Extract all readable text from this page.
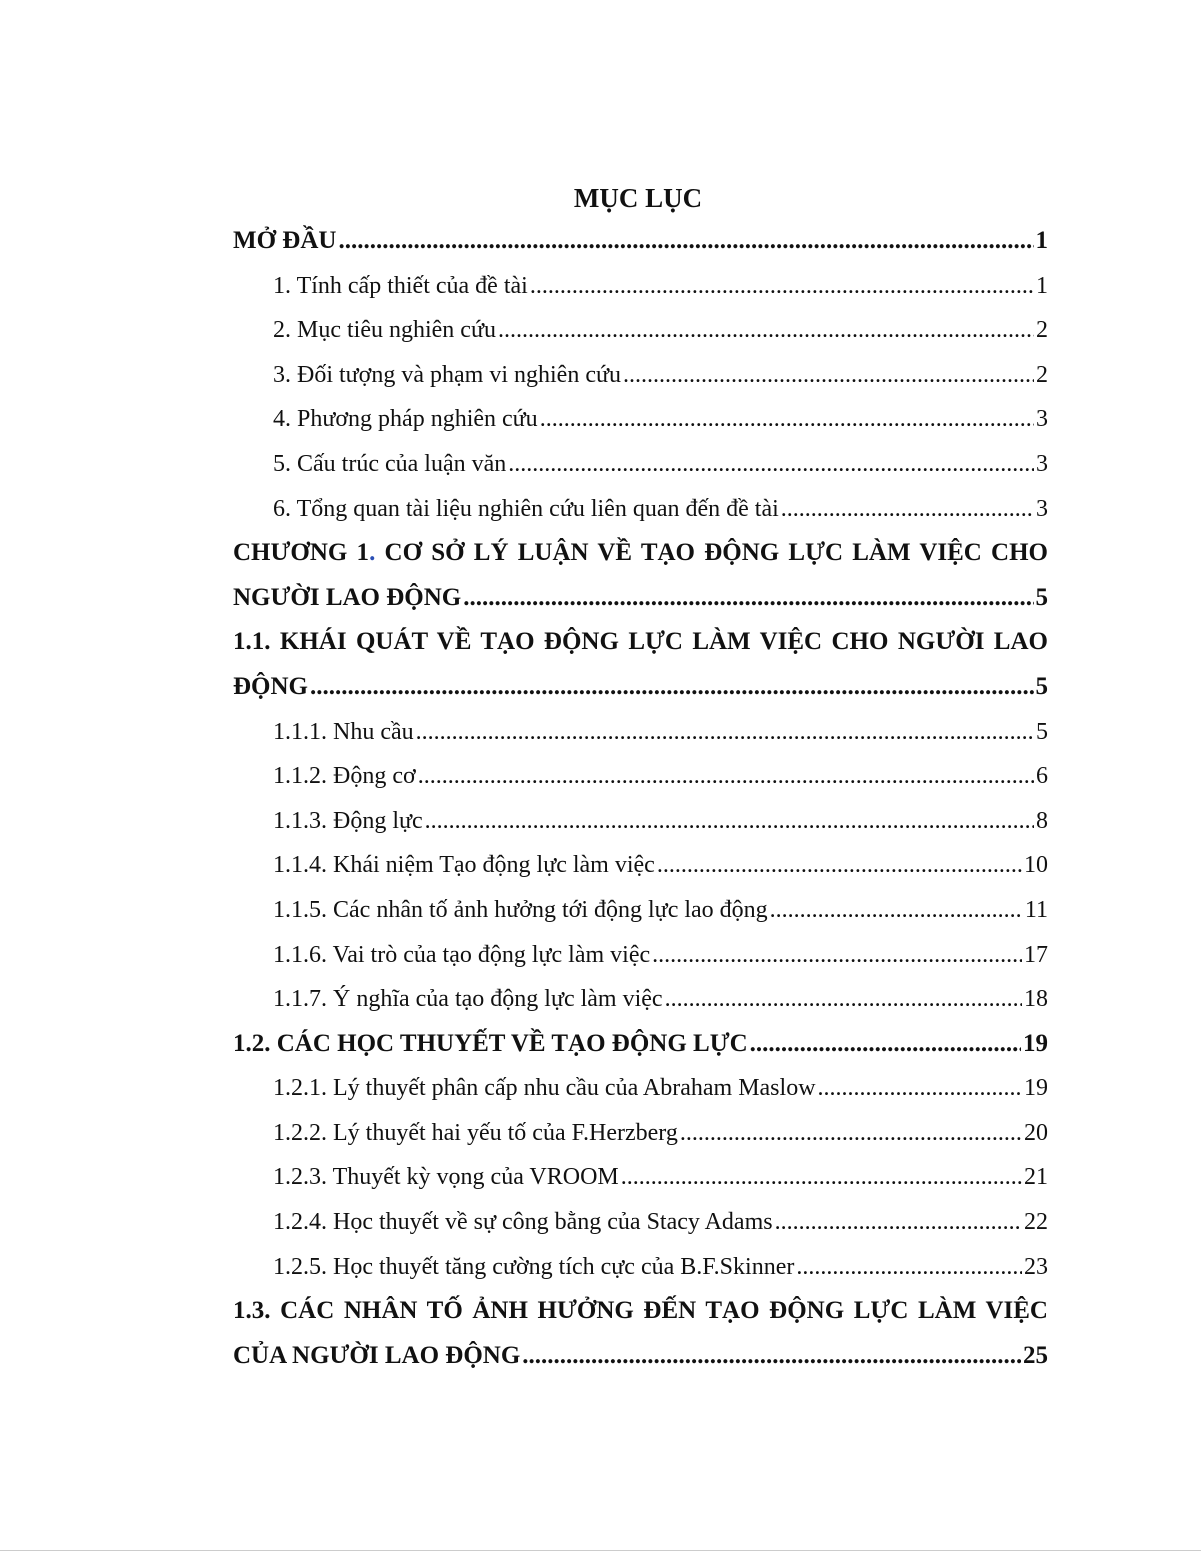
MỤC LỤC
MỞ ĐẦU .....	1
1. Tính cấp thiết của đề tài .....	1
2. Mục tiêu nghiên cứu .....	2
3. Đối tượng và phạm vi nghiên cứu .....	2
4. Phương pháp nghiên cứu .....	3
5. Cấu trúc của luận văn .....	3
6. Tổng quan tài liệu nghiên cứu liên quan đến đề tài .....	3
CHƯƠNG 1. CƠ SỞ LÝ LUẬN VỀ TẠO ĐỘNG LỰC LÀM VIỆC CHO
NGƯỜI LAO ĐỘNG .....	5
1.1. KHÁI QUÁT VỀ TẠO ĐỘNG LỰC LÀM VIỆC CHO NGƯỜI LAO
ĐỘNG .....	5
1.1.1. Nhu cầu .....	5
1.1.2. Động cơ .....	6
1.1.3. Động lực .....	8
1.1.4. Khái niệm Tạo động lực làm việc .....	10
1.1.5. Các nhân tố ảnh hưởng tới động lực lao động .....	11
1.1.6. Vai trò của tạo động lực làm việc .....	17
1.1.7. Ý nghĩa của tạo động lực làm việc .....	18
1.2. CÁC HỌC THUYẾT VỀ TẠO ĐỘNG LỰC .....	19
1.2.1. Lý thuyết phân cấp nhu cầu của Abraham Maslow .....	19
1.2.2. Lý thuyết hai yếu tố của F.Herzberg .....	20
1.2.3. Thuyết kỳ vọng của VROOM .....	21
1.2.4. Học thuyết về sự công bằng của Stacy Adams .....	22
1.2.5. Học thuyết tăng cường tích cực của B.F.Skinner .....	23
1.3. CÁC NHÂN TỐ ẢNH HƯỞNG ĐẾN TẠO ĐỘNG LỰC LÀM VIỆC
CỦA NGƯỜI LAO ĐỘNG .....	25
